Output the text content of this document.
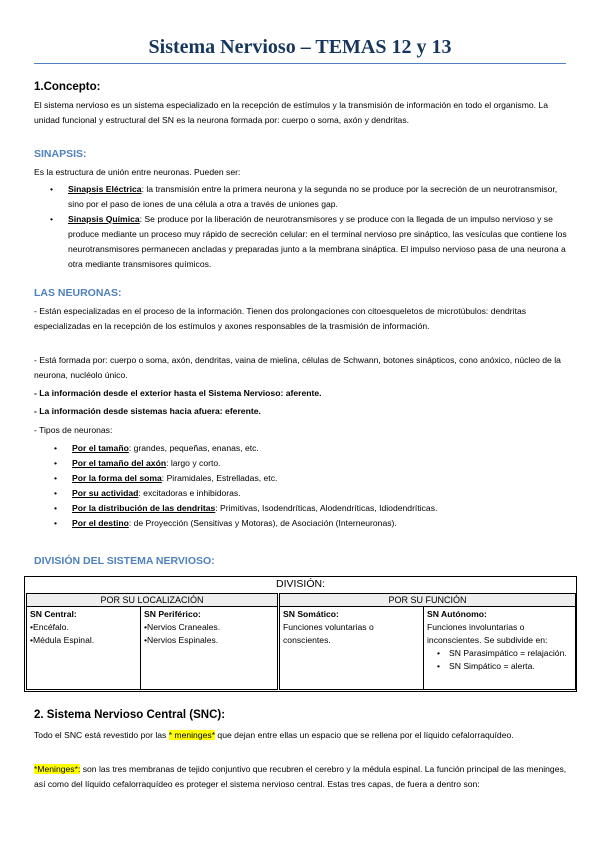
Sistema Nervioso – TEMAS 12 y 13
1.Concepto:
El sistema nervioso es un sistema especializado en la recepción de estímulos y la transmisión de información en todo el organismo. La unidad funcional y estructural del SN es la neurona formada por: cuerpo o soma, axón y dendritas.
SINAPSIS:
Es la estructura de unión entre neuronas. Pueden ser:
• Sinapsis Eléctrica: la transmisión entre la primera neurona y la segunda no se produce por la secreción de un neurotransmisor, sino por el paso de iones de una célula a otra a través de uniones gap.
• Sinapsis Química: Se produce por la liberación de neurotransmisores y se produce con la llegada de un impulso nervioso y se produce mediante un proceso muy rápido de secreción celular: en el terminal nervioso pre sináptico, las vesículas que contiene los neurotransmisores permanecen ancladas y preparadas junto a la membrana sináptica. El impulso nervioso pasa de una neurona a otra mediante transmisores químicos.
LAS NEURONAS:
- Están especializadas en el proceso de la información. Tienen dos prolongaciones con citoesqueletos de microtúbulos: dendritas especializadas en la recepción de los estímulos y axones responsables de la trasmisión de información.
- Está formada por: cuerpo o soma, axón, dendritas, vaina de mielina, células de Schwann, botones sinápticos, cono anóxico, núcleo de la neurona, nucléolo único.
- La información desde el exterior hasta el Sistema Nervioso: aferente.
- La información desde sistemas hacia afuera: eferente.
- Tipos de neuronas:
• Por el tamaño: grandes, pequeñas, enanas, etc.
• Por el tamaño del axón: largo y corto.
• Por la forma del soma: Piramidales, Estrelladas, etc.
• Por su actividad: excitadoras e inhibidoras.
• Por la distribución de las dendritas: Primitivas, Isodendríticas, Alodendríticas, Idiodendríticas.
• Por el destino: de Proyección (Sensitivas y Motoras), de Asociación (Interneuronas).
DIVISIÓN DEL SISTEMA NERVIOSO:
DIVISIÓN:
POR SU LOCALIZACIÓN
SN Central:
• Encéfalo.
• Médula Espinal.
SN Periférico:
• Nervios Craneales.
• Nervios Espinales.
POR SU FUNCIÓN
SN Somático:
Funciones voluntarias o conscientes.
SN Autónomo:
Funciones involuntarias o inconscientes. Se subdivide en:
• SN Parasimpático = relajación.
• SN Simpático = alerta.
2. Sistema Nervioso Central (SNC):
Todo el SNC está revestido por las * meninges* que dejan entre ellas un espacio que se rellena por el líquido cefalorraquídeo.
*Meninges*: son las tres membranas de tejido conjuntivo que recubren el cerebro y la médula espinal. La función principal de las meninges, así como del líquido cefalorraquídeo es proteger el sistema nervioso central. Estas tres capas, de fuera a dentro son:
